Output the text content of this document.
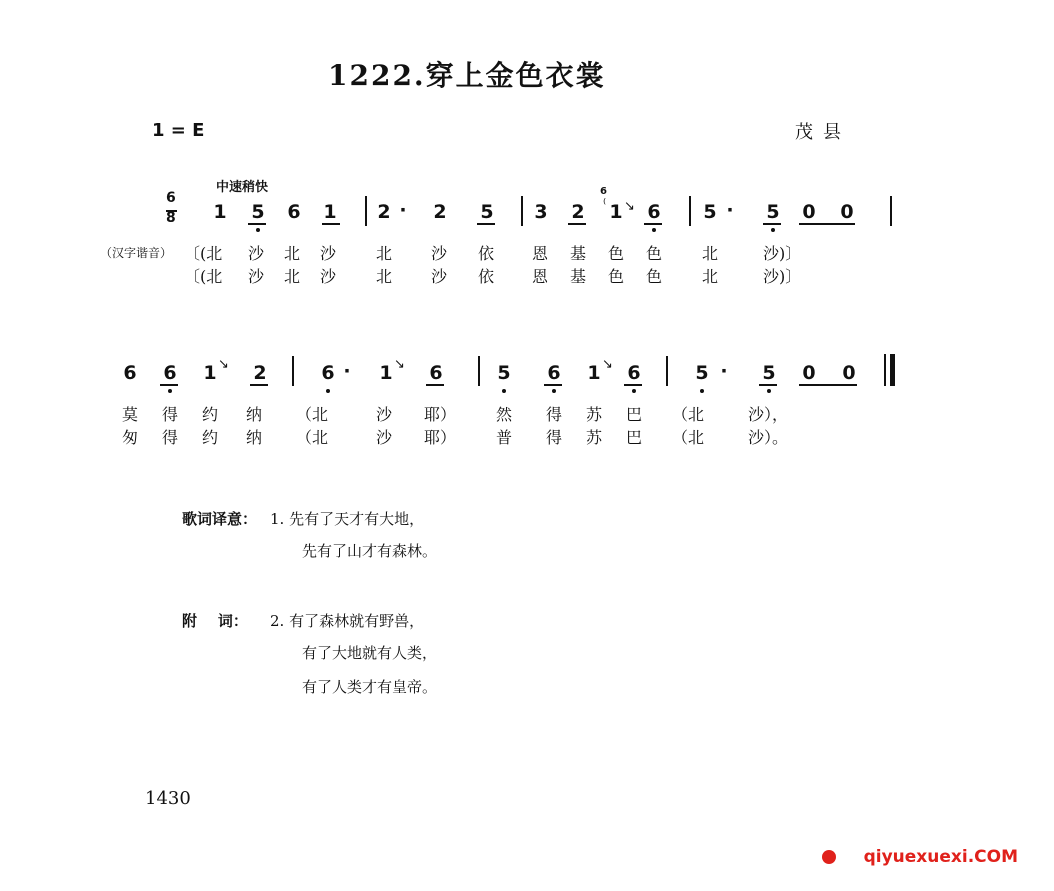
1222.穿上金色衣裳
1 = E	茂县
中速稍快
6
8 1 5 6 1 2 · 2 5 3 2 1 6 5 · 5 0 0
6
⁽ ↘
（汉字谐音） 〔(北 沙 北 沙 北 沙 依 恩 基 色 色 北	沙)〕
〔(北 沙 北 沙 北 沙 依 恩 基 色 色 北	沙)〕
6 6 1 2	6 · 1 6	5 6 1 6	5 · 5 0 0
↘	↘	↘
莫 得 约 纳 （北	沙 耶） 然 得 苏 巴 （北	沙），
匆 得 约 纳 （北	沙 耶） 普 得 苏 巴 （北	沙）。
歌词译意： 1. 先有了天才有大地，
先有了山才有森林。
附    词： 2. 有了森林就有野兽，
有了大地就有人类，
有了人类才有皇帝。
1430
qiyuexuexi.COM
